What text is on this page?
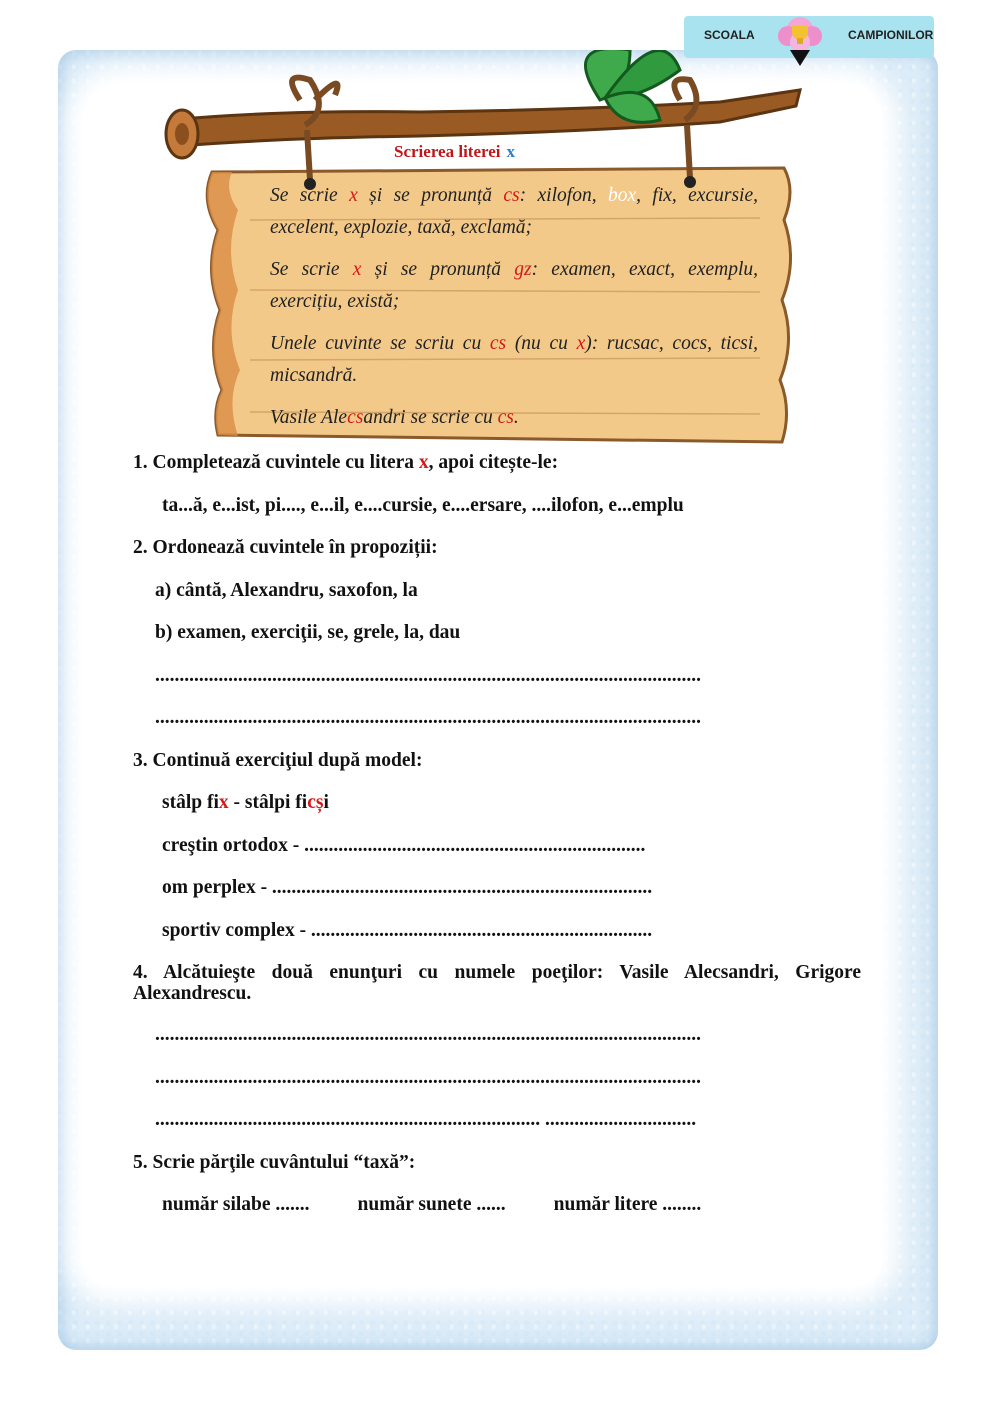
SCOALA	CAMPIONILOR
Scrierea literei x

Se scrie x și se pronunță cs: xilofon, box, fix, excursie, excelent, explozie, taxă, exclamă;

Se scrie x și se pronunță gz: examen, exact, exemplu, exercițiu, există;

Unele cuvinte se scriu cu cs (nu cu x): rucsac, cocs, ticsi, micsandră.

Vasile Alecsandri se scrie cu cs.

1. Completează cuvintele cu litera x, apoi citește-le:
ta...ă, e...ist, pi...., e...il, e....cursie, e....ersare, ....ilofon, e...emplu
2. Ordonează cuvintele în propoziții:
a) cântă, Alexandru, saxofon, la
b) examen, exerciţii, se, grele, la, dau
................................................................................................................
................................................................................................................
3. Continuă exerciţiul după model:
stâlp fix - stâlpi ficși
creştin ortodox - ......................................................................
om perplex - ..............................................................................
sportiv complex - ......................................................................
4. Alcătuieşte două enunţuri cu numele poeţilor: Vasile Alecsandri, Grigore Alexandrescu.
................................................................................................................
................................................................................................................
............................................................................... ...............................
5. Scrie părţile cuvântului “taxă”:
număr silabe ....... număr sunete ...... număr litere ........
